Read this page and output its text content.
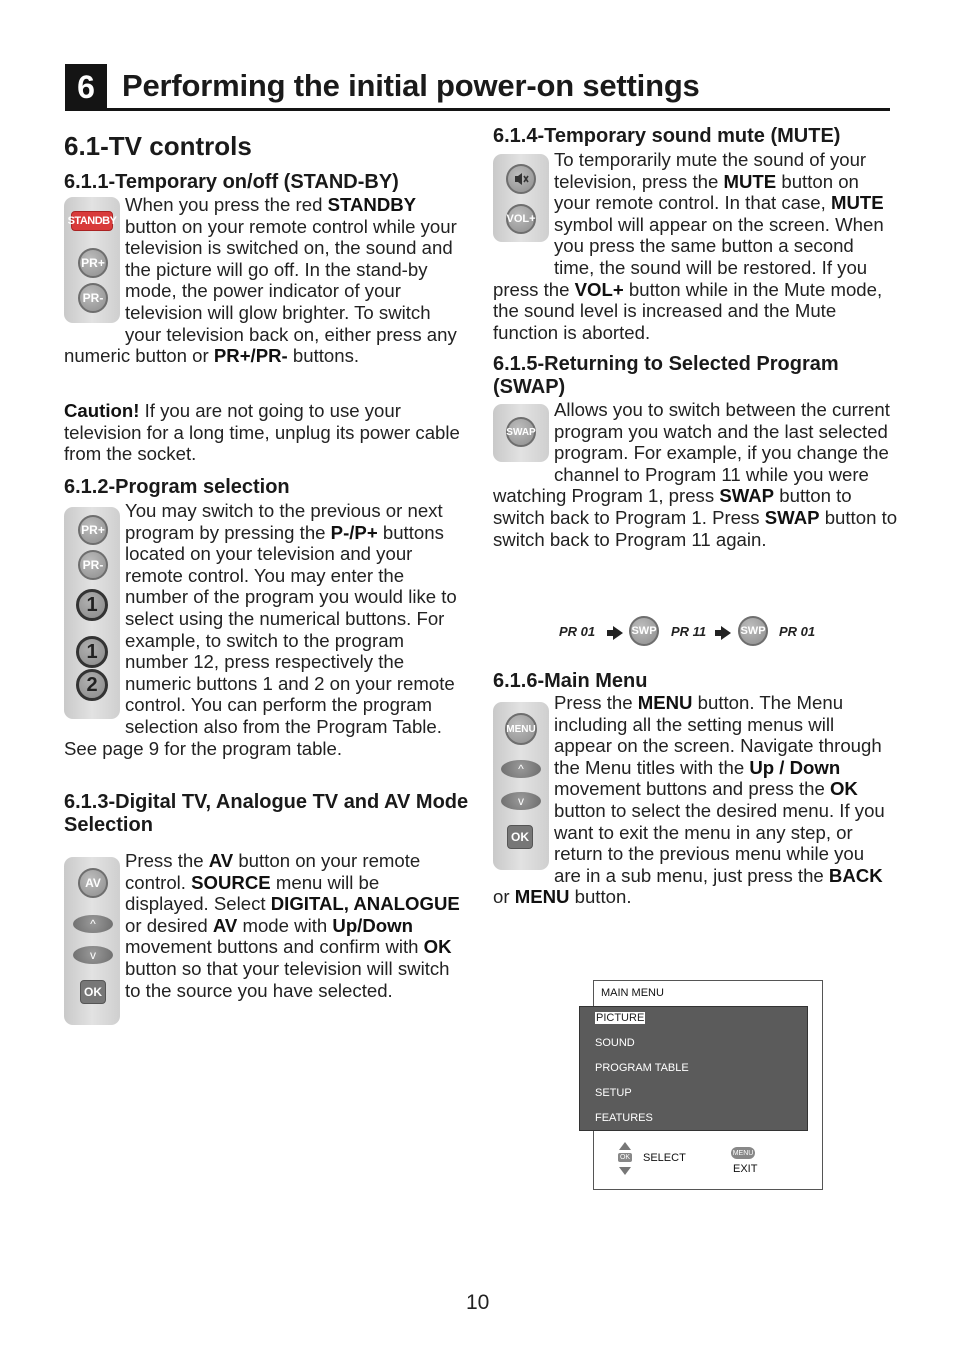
6 Performing the initial power-on settings
6.1-TV controls
6.1.1-Temporary on/off (STAND-BY)
STANDBY
PR+
PR-
When you press the red STANDBY button on your remote control while your television is switched on, the sound and the picture will go off. In the stand-by mode, the power indicator of your television will glow brighter. To switch your television back on, either press any numeric button or PR+/PR- buttons.
Caution! If you are not going to use your television for a long time, unplug its power cable from the socket.
6.1.2-Program selection
PR+
PR-
1
1
2
You may switch to the previous or next program by pressing the P-/P+ buttons located on your television and your remote control. You may enter the number of the program you would like to select using the numerical buttons. For example, to switch to the program number 12, press respectively the numeric buttons 1 and 2 on your remote control. You can perform the program selection also from the Program Table. See page 9 for the program table.
6.1.3-Digital TV, Analogue TV and AV Mode Selection
AV
^
v
OK
Press the AV button on your remote control. SOURCE menu will be displayed. Select DIGITAL, ANALOGUE or desired AV mode with Up/Down movement buttons and confirm with OK button so that your television will switch to the source you have selected.
6.1.4-Temporary sound mute (MUTE)
VOL+
To temporarily mute the sound of your television, press the MUTE button on your remote control. In that case, MUTE symbol will appear on the screen. When you press the same button a second time, the sound will be restored. If you press the VOL+ button while in the Mute mode, the sound level is increased and the Mute function is aborted.
6.1.5-Returning to Selected Program (SWAP)
SWAP
Allows you to switch between the current program you watch and the last selected program. For example, if you change the channel to Program 11 while you were watching Program 1, press SWAP button to switch back to Program 1. Press SWAP button to switch back to Program 11 again.
PR 01	SWP PR 11	SWP PR 01
6.1.6-Main Menu
MENU
^
v
OK
Press the MENU button. The Menu including all the setting menus will appear on the screen. Navigate through the Menu titles with the Up / Down movement buttons and press the OK button to select the desired menu. If you want to exit the menu in any step, or return to the previous menu while you are in a sub menu, just press the BACK or MENU button.
MAIN MENU
PICTURE
SOUND
PROGRAM TABLE
SETUP
FEATURES
OK SELECT	MENU
EXIT
10
